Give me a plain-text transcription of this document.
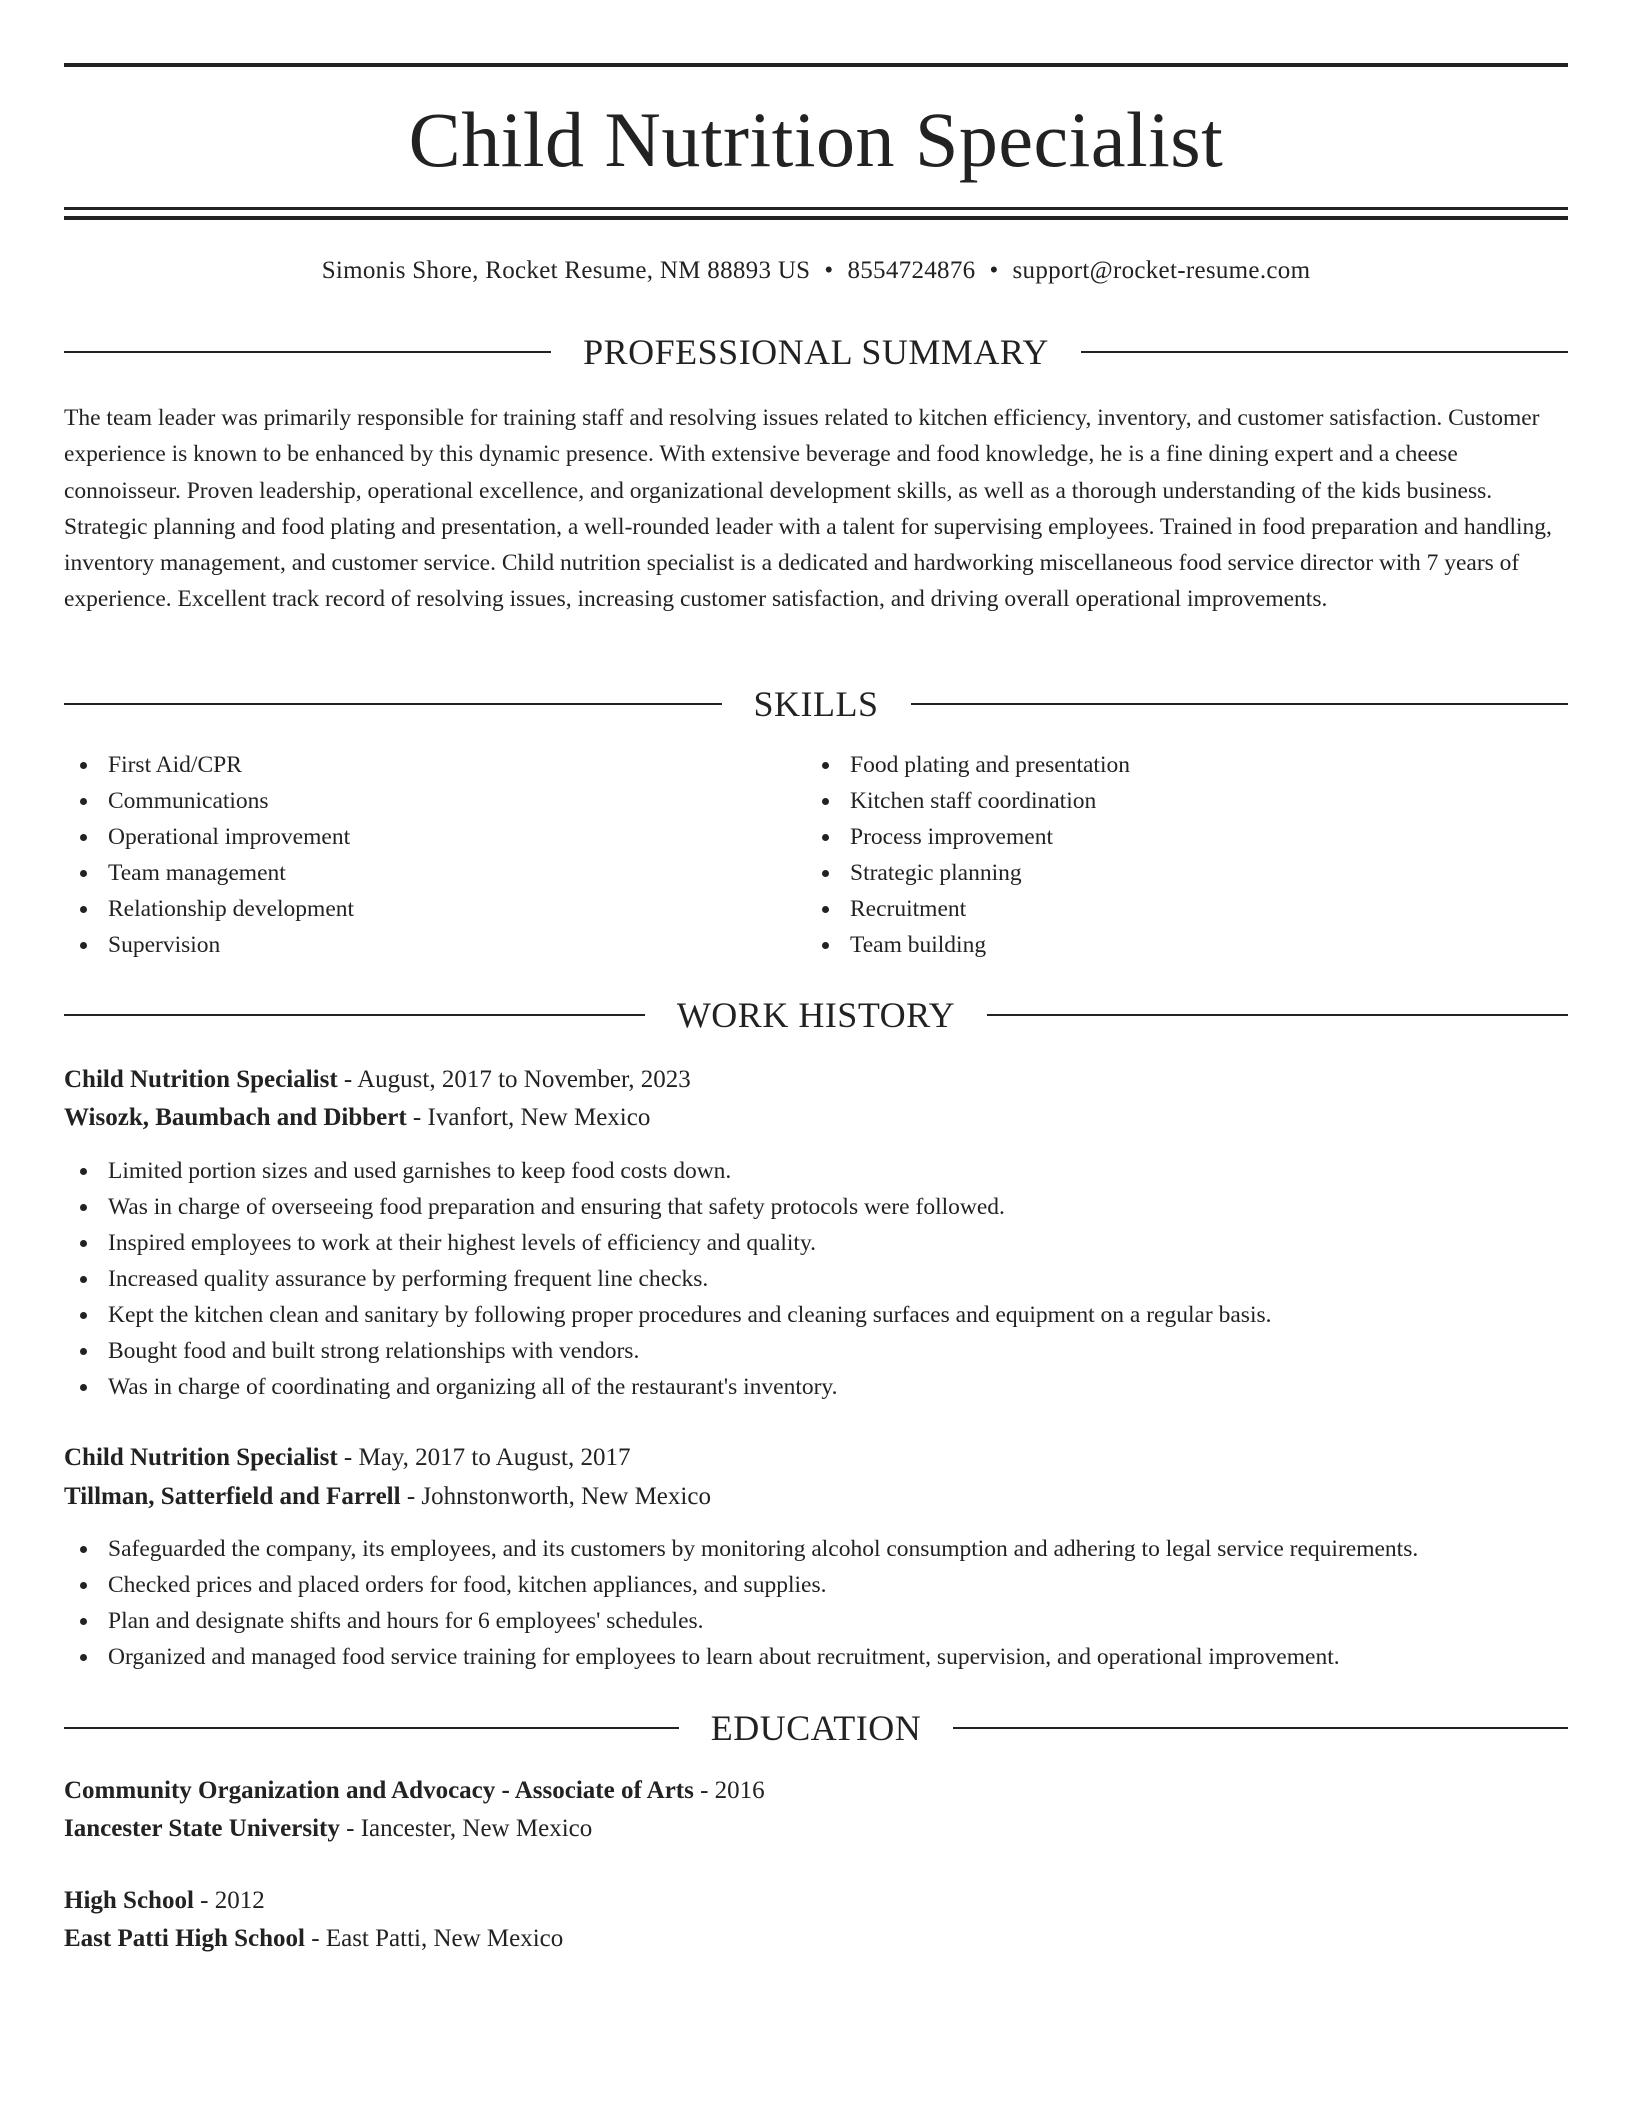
Child Nutrition Specialist
Simonis Shore, Rocket Resume, NM 88893 US • 8554724876 • support@rocket-resume.com
PROFESSIONAL SUMMARY

The team leader was primarily responsible for training staff and resolving issues related to kitchen efficiency, inventory, and customer satisfaction. Customer experience is known to be enhanced by this dynamic presence. With extensive beverage and food knowledge, he is a fine dining expert and a cheese connoisseur. Proven leadership, operational excellence, and organizational development skills, as well as a thorough understanding of the kids business. Strategic planning and food plating and presentation, a well-rounded leader with a talent for supervising employees. Trained in food preparation and handling, inventory management, and customer service. Child nutrition specialist is a dedicated and hardworking miscellaneous food service director with 7 years of experience. Excellent track record of resolving issues, increasing customer satisfaction, and driving overall operational improvements.

SKILLS
First Aid/CPR
Communications
Operational improvement
Team management
Relationship development
Supervision
Food plating and presentation
Kitchen staff coordination
Process improvement
Strategic planning
Recruitment
Team building
WORK HISTORY
Child Nutrition Specialist - August, 2017 to November, 2023
Wisozk, Baumbach and Dibbert - Ivanfort, New Mexico
Limited portion sizes and used garnishes to keep food costs down.
Was in charge of overseeing food preparation and ensuring that safety protocols were followed.
Inspired employees to work at their highest levels of efficiency and quality.
Increased quality assurance by performing frequent line checks.
Kept the kitchen clean and sanitary by following proper procedures and cleaning surfaces and equipment on a regular basis.
Bought food and built strong relationships with vendors.
Was in charge of coordinating and organizing all of the restaurant's inventory.
Child Nutrition Specialist - May, 2017 to August, 2017
Tillman, Satterfield and Farrell - Johnstonworth, New Mexico
Safeguarded the company, its employees, and its customers by monitoring alcohol consumption and adhering to legal service requirements.
Checked prices and placed orders for food, kitchen appliances, and supplies.
Plan and designate shifts and hours for 6 employees' schedules.
Organized and managed food service training for employees to learn about recruitment, supervision, and operational improvement.
EDUCATION
Community Organization and Advocacy - Associate of Arts - 2016
Iancester State University - Iancester, New Mexico
High School - 2012
East Patti High School - East Patti, New Mexico
